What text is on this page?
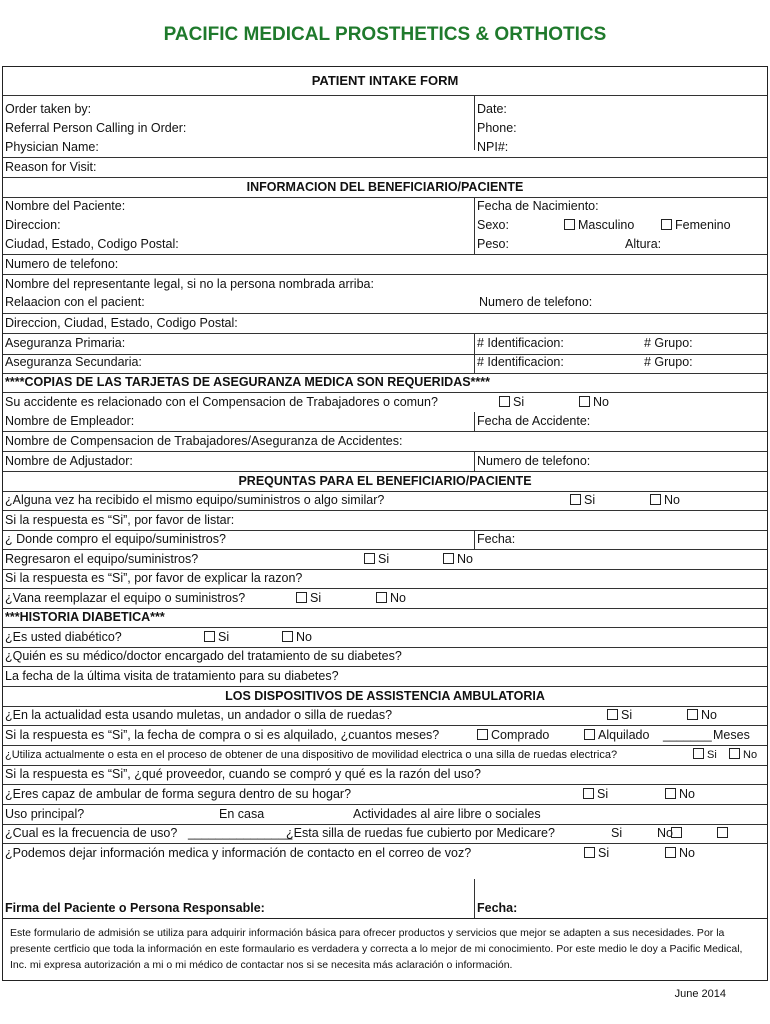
PACIFIC MEDICAL PROSTHETICS & ORTHOTICS
PATIENT INTAKE FORM
Order taken by:	Date:
Referral Person Calling in Order:	Phone:
Physician Name:	NPI#:
Reason for Visit:
INFORMACION DEL BENEFICIARIO/PACIENTE
Nombre del Paciente:	Fecha de Nacimiento:
Direccion:	Sexo:	Masculino	Femenino
Ciudad, Estado, Codigo Postal:	Peso:	Altura:
Numero de telefono:
Nombre del representante legal, si no la persona nombrada arriba:
Relaacion con el pacient:	Numero de telefono:
Direccion, Ciudad, Estado, Codigo Postal:
Aseguranza Primaria:	# Identificacion:	# Grupo:
Aseguranza Secundaria:	# Identificacion:	# Grupo:
****COPIAS DE LAS TARJETAS DE ASEGURANZA MEDICA SON REQUERIDAS****
Su accidente es relacionado con el Compensacion de Trabajadores o comun?	Si	No
Nombre de Empleador:	Fecha de Accidente:
Nombre de Compensacion de Trabajadores/Aseguranza de Accidentes:
Nombre de Adjustador:	Numero de telefono:
PREQUNTAS PARA EL BENEFICIARIO/PACIENTE
¿Alguna vez ha recibido el mismo equipo/suministros o algo similar?	Si	No
Si la respuesta es “Si”, por favor de listar:
¿ Donde compro el equipo/suministros?	Fecha:
Regresaron el equipo/suministros?	Si	No
Si la respuesta es “Si”, por favor de explicar la razon?
¿Vana reemplazar el equipo o suministros?	Si	No
***HISTORIA DIABETICA***
¿Es usted diabético?	Si	No
¿Quién es su médico/doctor encargado del tratamiento de su diabetes?
La fecha de la última visita de tratamiento para su diabetes?
LOS DISPOSITIVOS DE ASSISTENCIA AMBULATORIA
¿En la actualidad esta usando muletas, un andador o silla de ruedas?	Si	No
Si la respuesta es “Si”, la fecha de compra o si es alquilado, ¿cuantos meses?	Comprado	Alquilado _______ Meses
¿Utiliza actualmente o esta en el proceso de obtener de una dispositivo de movilidad electrica o una silla de ruedas electrica?	Si	No
Si la respuesta es “Si”, ¿qué proveedor, cuando se compró y qué es la razón del uso?
¿Eres capaz de ambular de forma segura dentro de su hogar?	Si	No
Uso principal?	En casa	Actividades al aire libre o sociales
¿Cual es la frecuencia de uso? _______________
¿Esta silla de ruedas fue cubierto por Medicare?	Si	No
¿Podemos dejar información medica y información de contacto en el correo de voz?	Si	No
Firma del Paciente o Persona Responsable:	Fecha:
Este formulario de admisión se utiliza para adquirir información básica para ofrecer productos y servicios que mejor se adapten a sus necesidades. Por la presente certficio que toda la información en este formaulario es verdadera y correcta a lo mejor de mi conocimiento. Por este medio le doy a Pacific Medical, Inc. mi expresa autorización a mi o mi médico de contactar nos si se necesita más aclaración o información.
June 2014
